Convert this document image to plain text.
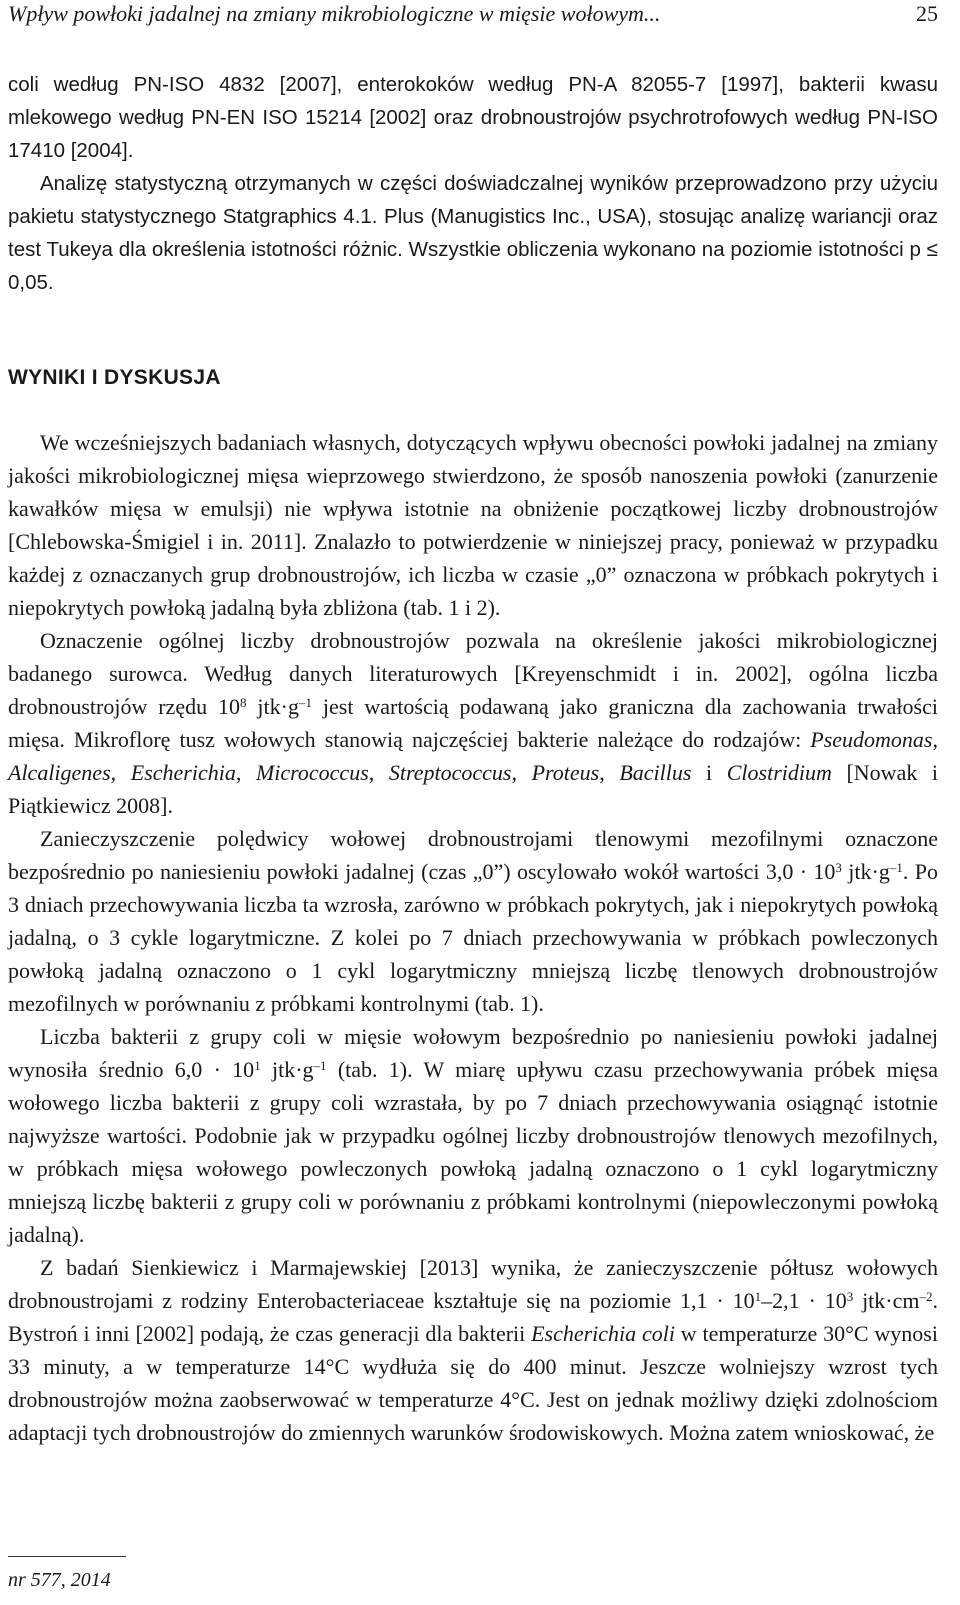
Wpływ powłoki jadalnej na zmiany mikrobiologiczne w mięsie wołowym...	25

coli według PN-ISO 4832 [2007], enterokoków według PN-A 82055-7 [1997], bakterii kwasu mlekowego według PN-EN ISO 15214 [2002] oraz drobnoustrojów psychrotrofowych według PN-ISO 17410 [2004].

Analizę statystyczną otrzymanych w części doświadczalnej wyników przeprowadzono przy użyciu pakietu statystycznego Statgraphics 4.1. Plus (Manugistics Inc., USA), stosując analizę wariancji oraz test Tukeya dla określenia istotności różnic. Wszystkie obliczenia wykonano na poziomie istotności p ≤ 0,05.

WYNIKI I DYSKUSJA

We wcześniejszych badaniach własnych, dotyczących wpływu obecności powłoki jadalnej na zmiany jakości mikrobiologicznej mięsa wieprzowego stwierdzono, że sposób nanoszenia powłoki (zanurzenie kawałków mięsa w emulsji) nie wpływa istotnie na obniżenie początkowej liczby drobnoustrojów [Chlebowska-Śmigiel i in. 2011]. Znalazło to potwierdzenie w niniejszej pracy, ponieważ w przypadku każdej z oznaczanych grup drobnoustrojów, ich liczba w czasie „0” oznaczona w próbkach pokrytych i niepokrytych powłoką jadalną była zbliżona (tab. 1 i 2).

Oznaczenie ogólnej liczby drobnoustrojów pozwala na określenie jakości mikrobiologicznej badanego surowca. Według danych literaturowych [Kreyenschmidt i in. 2002], ogólna liczba drobnoustrojów rzędu $10^8$ $jtk\cdot g^{-1}$ jest wartością podawaną jako graniczna dla zachowania trwałości mięsa. Mikroflorę tusz wołowych stanowią najczęściej bakterie należące do rodzajów: Pseudomonas, Alcaligenes, Escherichia, Micrococcus, Streptococcus, Proteus, Bacillus i Clostridium [Nowak i Piątkiewicz 2008].

Zanieczyszczenie polędwicy wołowej drobnoustrojami tlenowymi mezofilnymi oznaczone bezpośrednio po naniesieniu powłoki jadalnej (czas „0”) oscylowało wokół wartości $3,0 \cdot 10^3$ $jtk\cdot g^{-1}$. Po 3 dniach przechowywania liczba ta wzrosła, zarówno w próbkach pokrytych, jak i niepokrytych powłoką jadalną, o 3 cykle logarytmiczne. Z kolei po 7 dniach przechowywania w próbkach powleczonych powłoką jadalną oznaczono o 1 cykl logarytmiczny mniejszą liczbę tlenowych drobnoustrojów mezofilnych w porównaniu z próbkami kontrolnymi (tab. 1).

Liczba bakterii z grupy coli w mięsie wołowym bezpośrednio po naniesieniu powłoki jadalnej wynosiła średnio $6,0 \cdot 10^1$ $jtk\cdot g^{-1}$ (tab. 1). W miarę upływu czasu przechowywania próbek mięsa wołowego liczba bakterii z grupy coli wzrastała, by po 7 dniach przechowywania osiągnąć istotnie najwyższe wartości. Podobnie jak w przypadku ogólnej liczby drobnoustrojów tlenowych mezofilnych, w próbkach mięsa wołowego powleczonych powłoką jadalną oznaczono o 1 cykl logarytmiczny mniejszą liczbę bakterii z grupy coli w porównaniu z próbkami kontrolnymi (niepowleczonymi powłoką jadalną).

Z badań Sienkiewicz i Marmajewskiej [2013] wynika, że zanieczyszczenie półtusz wołowych drobnoustrojami z rodziny Enterobacteriaceae kształtuje się na poziomie $1,1 \cdot 10^1-2,1 \cdot 10^3$ $jtk\cdot cm^{-2}$. Bystroń i inni [2002] podają, że czas generacji dla bakterii Escherichia coli w temperaturze 30°C wynosi 33 minuty, a w temperaturze 14°C wydłuża się do 400 minut. Jeszcze wolniejszy wzrost tych drobnoustrojów można zaobserwować w temperaturze 4°C. Jest on jednak możliwy dzięki zdolnościom adaptacji tych drobnoustrojów do zmiennych warunków środowiskowych. Można zatem wnioskować, że

nr 577, 2014
